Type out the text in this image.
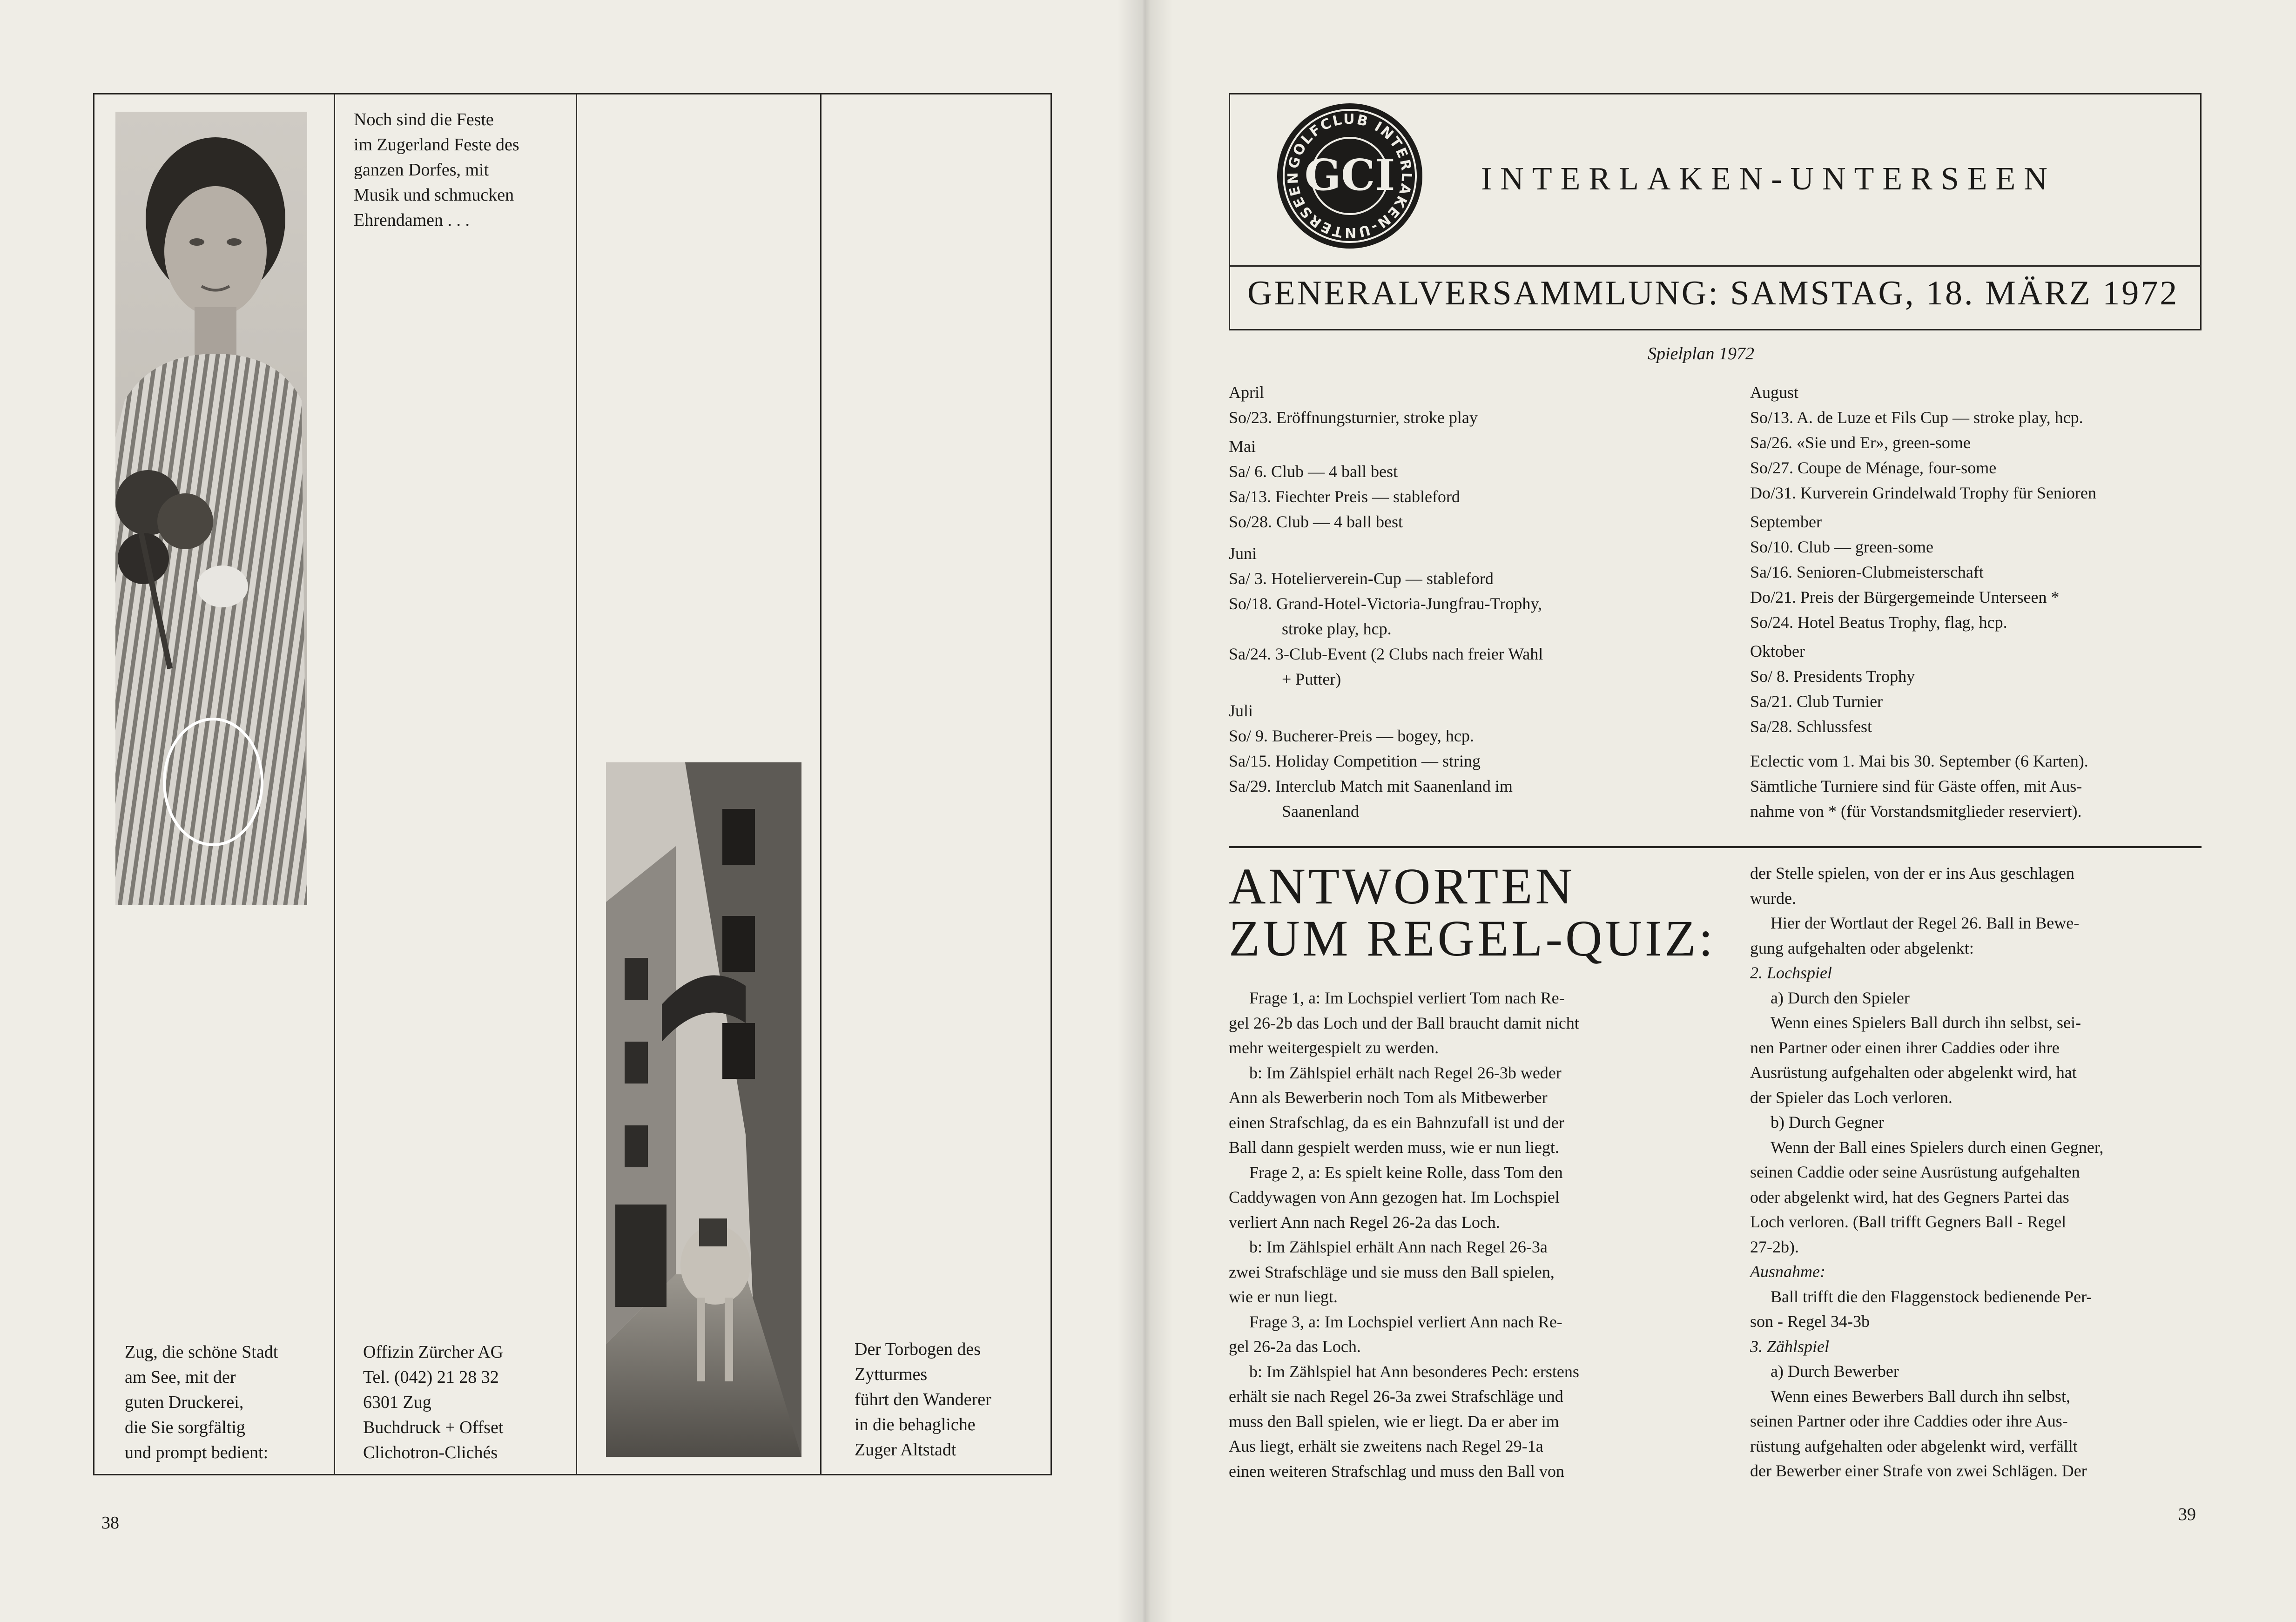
Noch sind die Feste
im Zugerland Feste des
ganzen Dorfes, mit
Musik und schmucken
Ehrendamen . . .
Zug, die schöne Stadt
am See, mit der
guten Druckerei,
die Sie sorgfältig
und prompt bedient:
Offizin Zürcher AG
Tel. (042) 21 28 32
6301 Zug
Buchdruck + Offset
Clichotron-Clichés
Der Torbogen des
Zytturmes
führt den Wanderer
in die behagliche
Zuger Altstadt
38
GOLFCLUB INTERLAKEN-UNTERSEEN GCI	INTERLAKEN-UNTERSEEN
GENERALVERSAMMLUNG: SAMSTAG, 18. MÄRZ 1972
Spielplan 1972
April
So/23. Eröffnungsturnier, stroke play
Mai
Sa/ 6. Club — 4 ball best
Sa/13. Fiechter Preis — stableford
So/28. Club — 4 ball best
Juni
Sa/ 3. Hotelierverein-Cup — stableford
So/18. Grand-Hotel-Victoria-Jungfrau-Trophy,
stroke play, hcp.
Sa/24. 3-Club-Event (2 Clubs nach freier Wahl
+ Putter)
Juli
So/ 9. Bucherer-Preis — bogey, hcp.
Sa/15. Holiday Competition — string
Sa/29. Interclub Match mit Saanenland im
Saanenland
August
So/13. A. de Luze et Fils Cup — stroke play, hcp.
Sa/26. «Sie und Er», green-some
So/27. Coupe de Ménage, four-some
Do/31. Kurverein Grindelwald Trophy für Senioren
September
So/10. Club — green-some
Sa/16. Senioren-Clubmeisterschaft
Do/21. Preis der Bürgergemeinde Unterseen *
So/24. Hotel Beatus Trophy, flag, hcp.
Oktober
So/ 8. Presidents Trophy
Sa/21. Club Turnier
Sa/28. Schlussfest
Eclectic vom 1. Mai bis 30. September (6 Karten).
Sämtliche Turniere sind für Gäste offen, mit Aus-
nahme von * (für Vorstandsmitglieder reserviert).
ANTWORTEN
ZUM REGEL-QUIZ:

Frage 1, a: Im Lochspiel verliert Tom nach Re-

gel 26-2b das Loch und der Ball braucht damit nicht

mehr weitergespielt zu werden.

b: Im Zählspiel erhält nach Regel 26-3b weder

Ann als Bewerberin noch Tom als Mitbewerber

einen Strafschlag, da es ein Bahnzufall ist und der

Ball dann gespielt werden muss, wie er nun liegt.

Frage 2, a: Es spielt keine Rolle, dass Tom den

Caddywagen von Ann gezogen hat. Im Lochspiel

verliert Ann nach Regel 26-2a das Loch.

b: Im Zählspiel erhält Ann nach Regel 26-3a

zwei Strafschläge und sie muss den Ball spielen,

wie er nun liegt.

Frage 3, a: Im Lochspiel verliert Ann nach Re-

gel 26-2a das Loch.

b: Im Zählspiel hat Ann besonderes Pech: erstens

erhält sie nach Regel 26-3a zwei Strafschläge und

muss den Ball spielen, wie er liegt. Da er aber im

Aus liegt, erhält sie zweitens nach Regel 29-1a

einen weiteren Strafschlag und muss den Ball von

der Stelle spielen, von der er ins Aus geschlagen

wurde.

Hier der Wortlaut der Regel 26. Ball in Bewe-

gung aufgehalten oder abgelenkt:

2. Lochspiel

a) Durch den Spieler

Wenn eines Spielers Ball durch ihn selbst, sei-

nen Partner oder einen ihrer Caddies oder ihre

Ausrüstung aufgehalten oder abgelenkt wird, hat

der Spieler das Loch verloren.

b) Durch Gegner

Wenn der Ball eines Spielers durch einen Gegner,

seinen Caddie oder seine Ausrüstung aufgehalten

oder abgelenkt wird, hat des Gegners Partei das

Loch verloren. (Ball trifft Gegners Ball - Regel

27-2b).

Ausnahme:

Ball trifft die den Flaggenstock bedienende Per-

son - Regel 34-3b

3. Zählspiel

a) Durch Bewerber

Wenn eines Bewerbers Ball durch ihn selbst,

seinen Partner oder ihre Caddies oder ihre Aus-

rüstung aufgehalten oder abgelenkt wird, verfällt

der Bewerber einer Strafe von zwei Schlägen. Der

39
